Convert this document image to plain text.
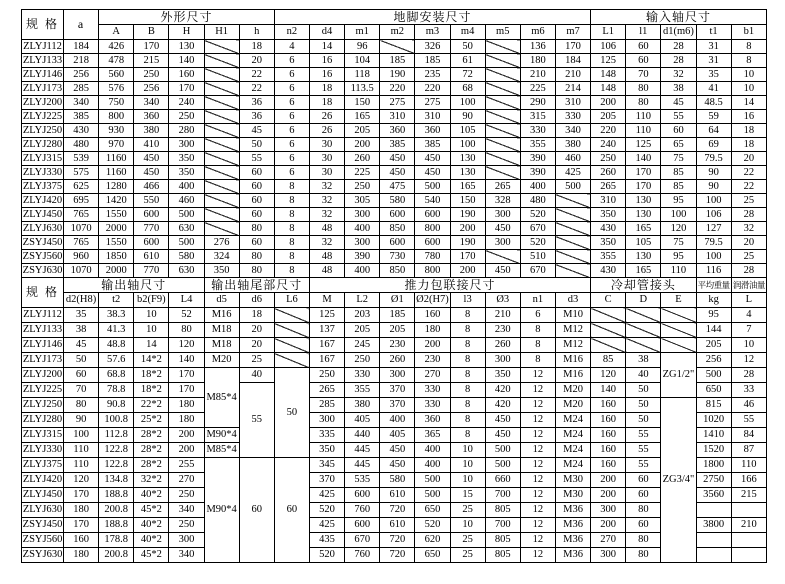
规 格	a	外形尺寸					地脚安装尺寸									输入轴尺寸				
		A	B	H	H1	h	n2	d4	m1	m2	m3	m4	m5	m6	m7	L1	l1	d1(m6)	t1	b1
ZLYJ112	184	426	170	130		18	4	14	96		326	50		136	170	106	60	28	31	8
ZLYJ133	218	478	215	140		20	6	16	104	185	185	61		180	184	125	60	28	31	8
ZLYJ146	256	560	250	160		22	6	16	118	190	235	72		210	210	148	70	32	35	10
ZLYJ173	285	576	256	170		22	6	18	113.5	220	220	68		225	214	148	80	38	41	10
ZLYJ200	340	750	340	240		36	6	18	150	275	275	100		290	310	200	80	45	48.5	14
ZLYJ225	385	800	360	250		36	6	26	165	310	310	90		315	330	205	110	55	59	16
ZLYJ250	430	930	380	280		45	6	26	205	360	360	105		330	340	220	110	60	64	18
ZLYJ280	480	970	410	300		50	6	30	200	385	385	100		355	380	240	125	65	69	18
ZLYJ315	539	1160	450	350		55	6	30	260	450	450	130		390	460	250	140	75	79.5	20
ZLYJ330	575	1160	450	350		60	6	30	225	450	450	130		390	425	260	170	85	90	22
ZLYJ375	625	1280	466	400		60	8	32	250	475	500	165	265	400	500	265	170	85	90	22
ZLYJ420	695	1420	550	460		60	8	32	305	580	540	150	328	480		310	130	95	100	25
ZLYJ450	765	1550	600	500		60	8	32	300	600	600	190	300	520		350	130	100	106	28
ZLYJ630	1070	2000	770	630		80	8	48	400	850	800	200	450	670		430	165	120	127	32
ZSYJ450	765	1550	600	500	276	60	8	32	300	600	600	190	300	520		350	105	75	79.5	20
ZSYJ560	960	1850	610	580	324	80	8	48	390	730	780	170		510		355	130	95	100	25
ZSYJ630	1070	2000	770	630	350	80	8	48	400	850	800	200	450	670		430	165	110	116	28
规 格	输出轴尺寸				输出轴尾部尺寸			推力包联接尺寸								冷却管接头			平均重量	润滑油量
	d2(H8)	t2	b2(F9)	L4	d5	d6	L6	M	L2	Ø1	Ø2(H7)	l3	Ø3	n1	d3	C	D	E	kg	L
ZLYJ112	35	38.3	10	52	M16	18		125	203	185	160	8	210	6	M10				95	4
ZLYJ133	38	41.3	10	80	M18	20		137	205	205	180	8	230	8	M12				144	7
ZLYJ146	45	48.8	14	120	M18	20		167	245	230	200	8	260	8	M12				205	10
ZLYJ173	50	57.6	14*2	140	M20	25		167	250	260	230	8	300	8	M16	85	38	ZG1/2"	256	12
ZLYJ200	60	68.8	18*2	170	M85*4	40	50	250	330	300	270	8	350	12	M16	120	40		500	28
ZLYJ225	70	78.8	18*2	170		55		265	355	370	330	8	420	12	M20	140	50		650	33
ZLYJ250	80	90.8	22*2	180				285	380	370	330	8	420	12	M20	160	50	ZG3/4"	815	46
ZLYJ280	90	100.8	25*2	180				300	405	400	360	8	450	12	M24	160	50		1020	55
ZLYJ315	100	112.8	28*2	200	M90*4			335	440	405	365	8	450	12	M24	160	55		1410	84
ZLYJ330	110	122.8	28*2	200	M85*4			350	445	450	400	10	500	12	M24	160	55		1520	87
ZLYJ375	110	122.8	28*2	255	M90*4	60	60	345	445	450	400	10	500	12	M24	160	55		1800	110
ZLYJ420	120	134.8	32*2	270				370	535	580	500	10	660	12	M30	200	60		2750	166
ZLYJ450	170	188.8	40*2	250				425	600	610	500	15	700	12	M30	200	60		3560	215
ZLYJ630	180	200.8	45*2	340				520	760	720	650	25	805	12	M36	300	80			
ZSYJ450	170	188.8	40*2	250				425	600	610	520	10	700	12	M36	200	60		3800	210
ZSYJ560	160	178.8	40*2	300				435	670	720	620	25	805	12	M36	270	80			
ZSYJ630	180	200.8	45*2	340				520	760	720	650	25	805	12	M36	300	80			
